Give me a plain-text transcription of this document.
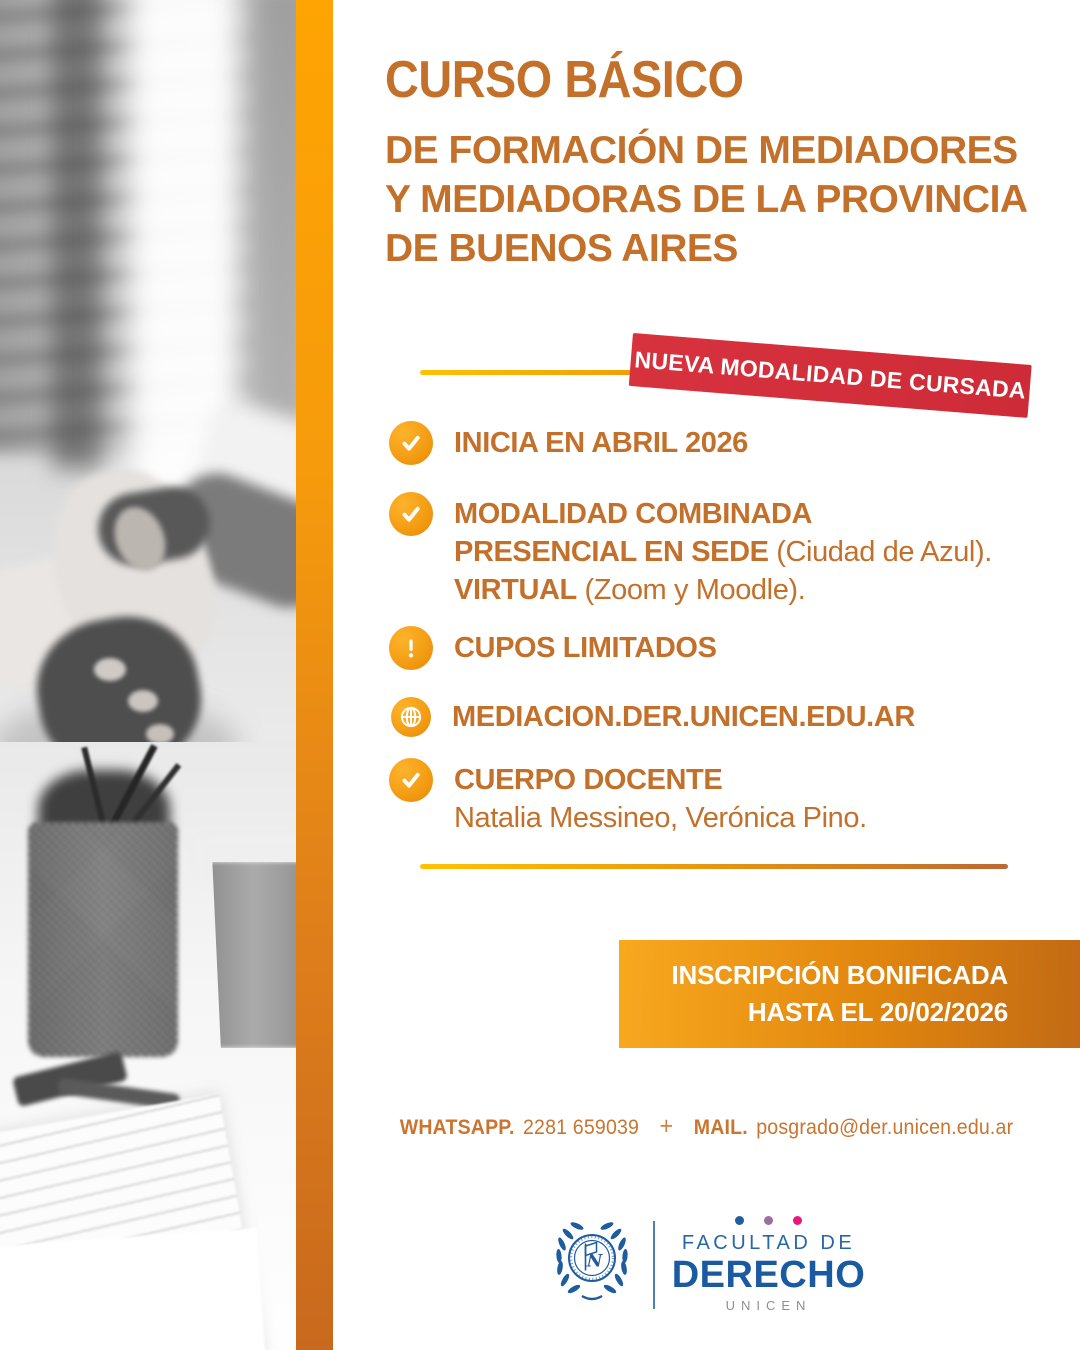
CURSO BÁSICO
DE FORMACIÓN DE MEDIADORES
Y MEDIADORAS DE LA PROVINCIA
DE BUENOS AIRES
NUEVA MODALIDAD DE CURSADA
INICIA EN ABRIL 2026
MODALIDAD COMBINADA
PRESENCIAL EN SEDE (Ciudad de Azul).
VIRTUAL (Zoom y Moodle).
CUPOS LIMITADOS
MEDIACION.DER.UNICEN.EDU.AR
CUERPO DOCENTE
Natalia Messineo, Verónica Pino.
INSCRIPCIÓN BONIFICADA
HASTA EL 20/02/2026
WHATSAPP. 2281 659039 + MAIL. posgrado@der.unicen.edu.ar
N
FACULTAD DE
DERECHO
UNICEN
